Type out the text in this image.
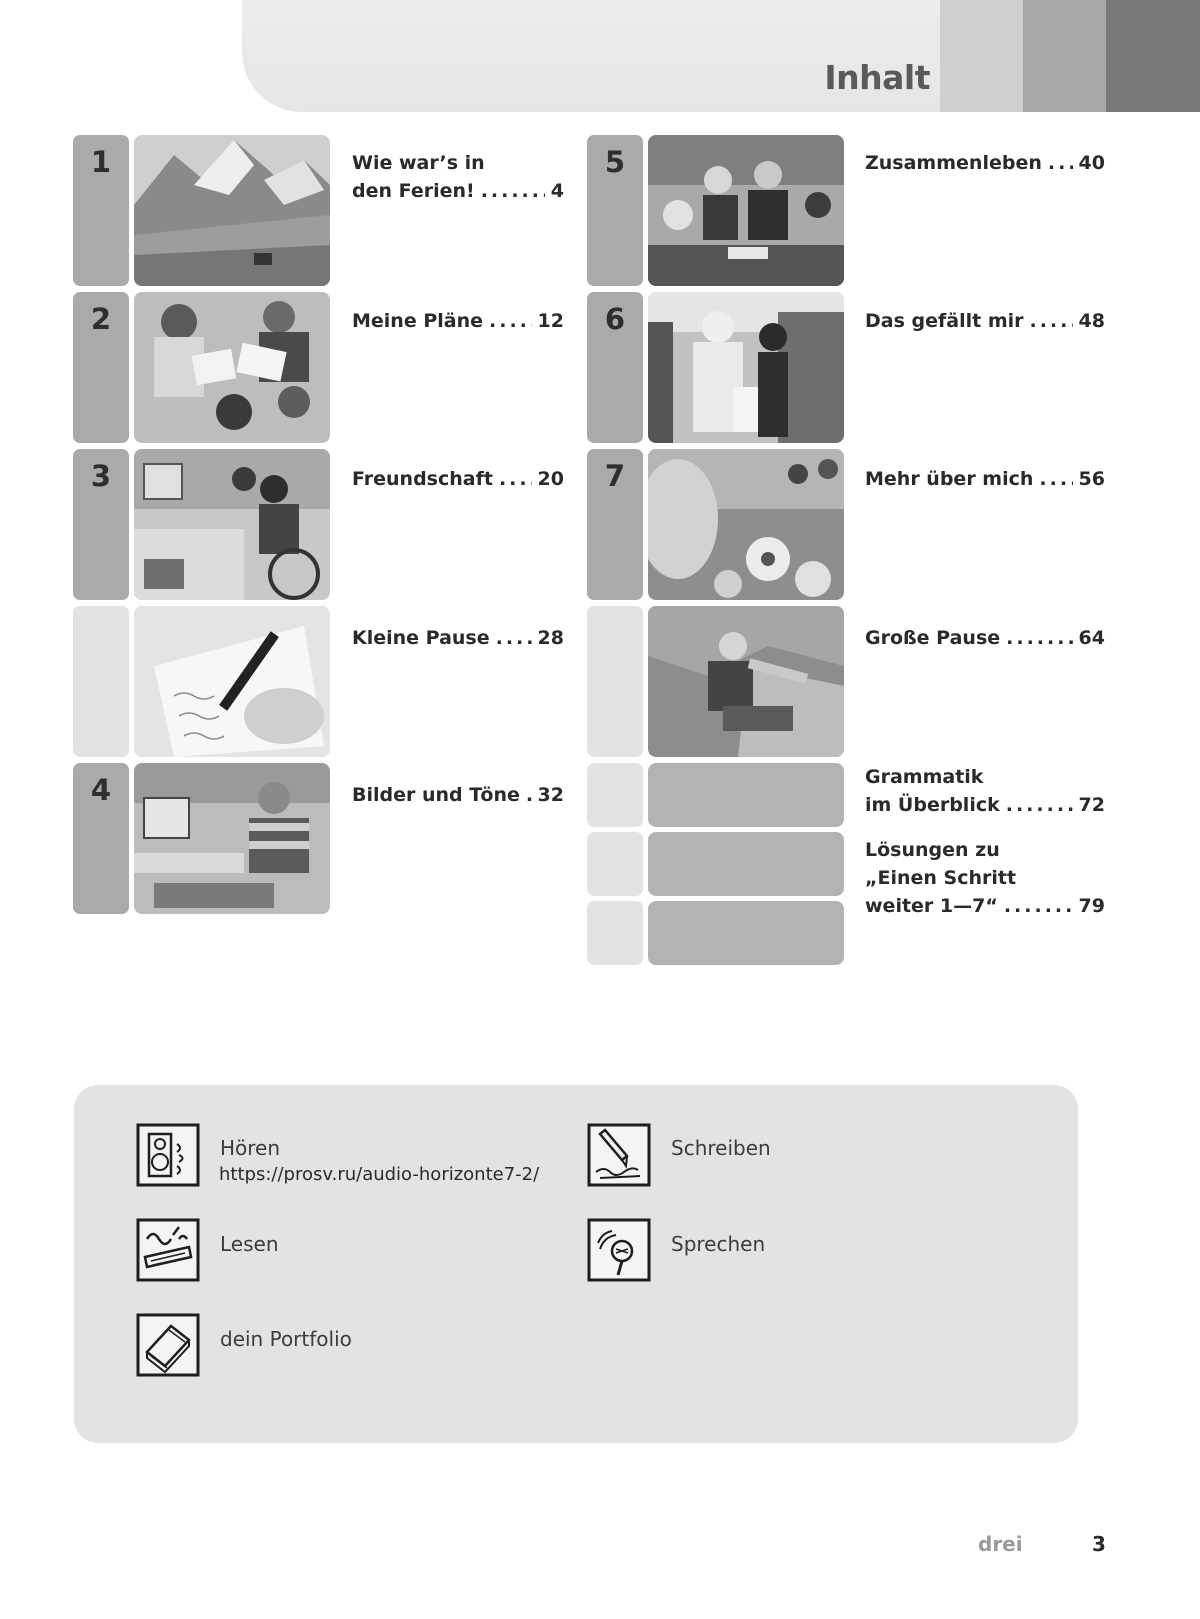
Inhalt
1	Wie war’s in
den Ferien! .....	4
2	Meine Pläne .....	12
3	Freundschaft ..... 20
Kleine Pause .....	28
4	Bilder und Töne ..... 32
5	Zusammenleben ..... 40
6	Das gefällt mir .....	48
7	Mehr über mich ..... 56
Große Pause .....	64
Grammatik
im Überblick .....	72
Lösungen zu
„Einen Schritt
weiter 1—7“ .....	79
Hören
https://prosv.ru/audio-horizonte7-2/
Schreiben
Lesen	Sprechen
dein Portfolio
drei	3
